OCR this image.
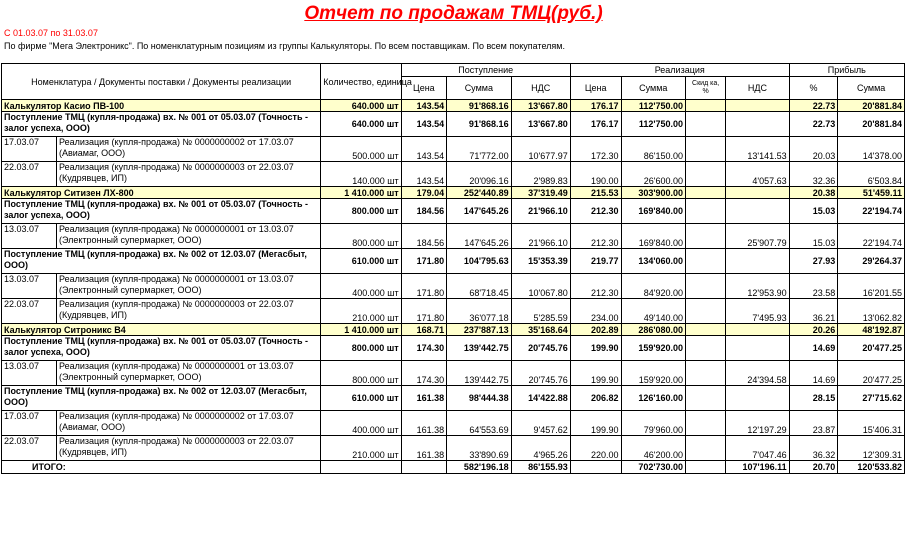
Отчет по продажам ТМЦ(руб.)
С 01.03.07 по 31.03.07
По фирме "Мега Электроникс". По номенклатурным позициям из группы Калькуляторы. По всем поставщикам. По всем покупателям.
Номенклатура / Документы поставки / Документы реализации		Количество, единица	Поступление			Реализация				Прибыль	
			Цена	Сумма	НДС	Цена	Сумма	Скид ка, %	НДС	%	Сумма
Калькулятор Касио ПВ-100		640.000 шт	143.54	91'868.16	13'667.80	176.17	112'750.00			22.73	20'881.84
Поступление ТМЦ (купля-продажа) вх. № 001 от 05.03.07 (Точность - залог успеха, ООО)		640.000 шт	143.54	91'868.16	13'667.80	176.17	112'750.00			22.73	20'881.84
17.03.07	Реализация (купля-продажа) № 0000000002 от 17.03.07 (Авиамаг, ООО)	500.000 шт	143.54	71'772.00	10'677.97	172.30	86'150.00		13'141.53	20.03	14'378.00
22.03.07	Реализация (купля-продажа) № 0000000003 от 22.03.07 (Кудрявцев, ИП)	140.000 шт	143.54	20'096.16	2'989.83	190.00	26'600.00		4'057.63	32.36	6'503.84
Калькулятор Ситизен ЛХ-800		1 410.000 шт	179.04	252'440.89	37'319.49	215.53	303'900.00			20.38	51'459.11
Поступление ТМЦ (купля-продажа) вх. № 001 от 05.03.07 (Точность - залог успеха, ООО)		800.000 шт	184.56	147'645.26	21'966.10	212.30	169'840.00			15.03	22'194.74
13.03.07	Реализация (купля-продажа) № 0000000001 от 13.03.07 (Электронный супермаркет, ООО)	800.000 шт	184.56	147'645.26	21'966.10	212.30	169'840.00		25'907.79	15.03	22'194.74
Поступление ТМЦ (купля-продажа) вх. № 002 от 12.03.07 (Мегасбыт, ООО)		610.000 шт	171.80	104'795.63	15'353.39	219.77	134'060.00			27.93	29'264.37
13.03.07	Реализация (купля-продажа) № 0000000001 от 13.03.07 (Электронный супермаркет, ООО)	400.000 шт	171.80	68'718.45	10'067.80	212.30	84'920.00		12'953.90	23.58	16'201.55
22.03.07	Реализация (купля-продажа) № 0000000003 от 22.03.07 (Кудрявцев, ИП)	210.000 шт	171.80	36'077.18	5'285.59	234.00	49'140.00		7'495.93	36.21	13'062.82
Калькулятор Ситроникс В4		1 410.000 шт	168.71	237'887.13	35'168.64	202.89	286'080.00			20.26	48'192.87
Поступление ТМЦ (купля-продажа) вх. № 001 от 05.03.07 (Точность - залог успеха, ООО)		800.000 шт	174.30	139'442.75	20'745.76	199.90	159'920.00			14.69	20'477.25
13.03.07	Реализация (купля-продажа) № 0000000001 от 13.03.07 (Электронный супермаркет, ООО)	800.000 шт	174.30	139'442.75	20'745.76	199.90	159'920.00		24'394.58	14.69	20'477.25
Поступление ТМЦ (купля-продажа) вх. № 002 от 12.03.07 (Мегасбыт, ООО)		610.000 шт	161.38	98'444.38	14'422.88	206.82	126'160.00			28.15	27'715.62
17.03.07	Реализация (купля-продажа) № 0000000002 от 17.03.07 (Авиамаг, ООО)	400.000 шт	161.38	64'553.69	9'457.62	199.90	79'960.00		12'197.29	23.87	15'406.31
22.03.07	Реализация (купля-продажа) № 0000000003 от 22.03.07 (Кудрявцев, ИП)	210.000 шт	161.38	33'890.69	4'965.26	220.00	46'200.00		7'047.46	36.32	12'309.31
ИТОГО:				582'196.18	86'155.93		702'730.00		107'196.11	20.70	120'533.82
